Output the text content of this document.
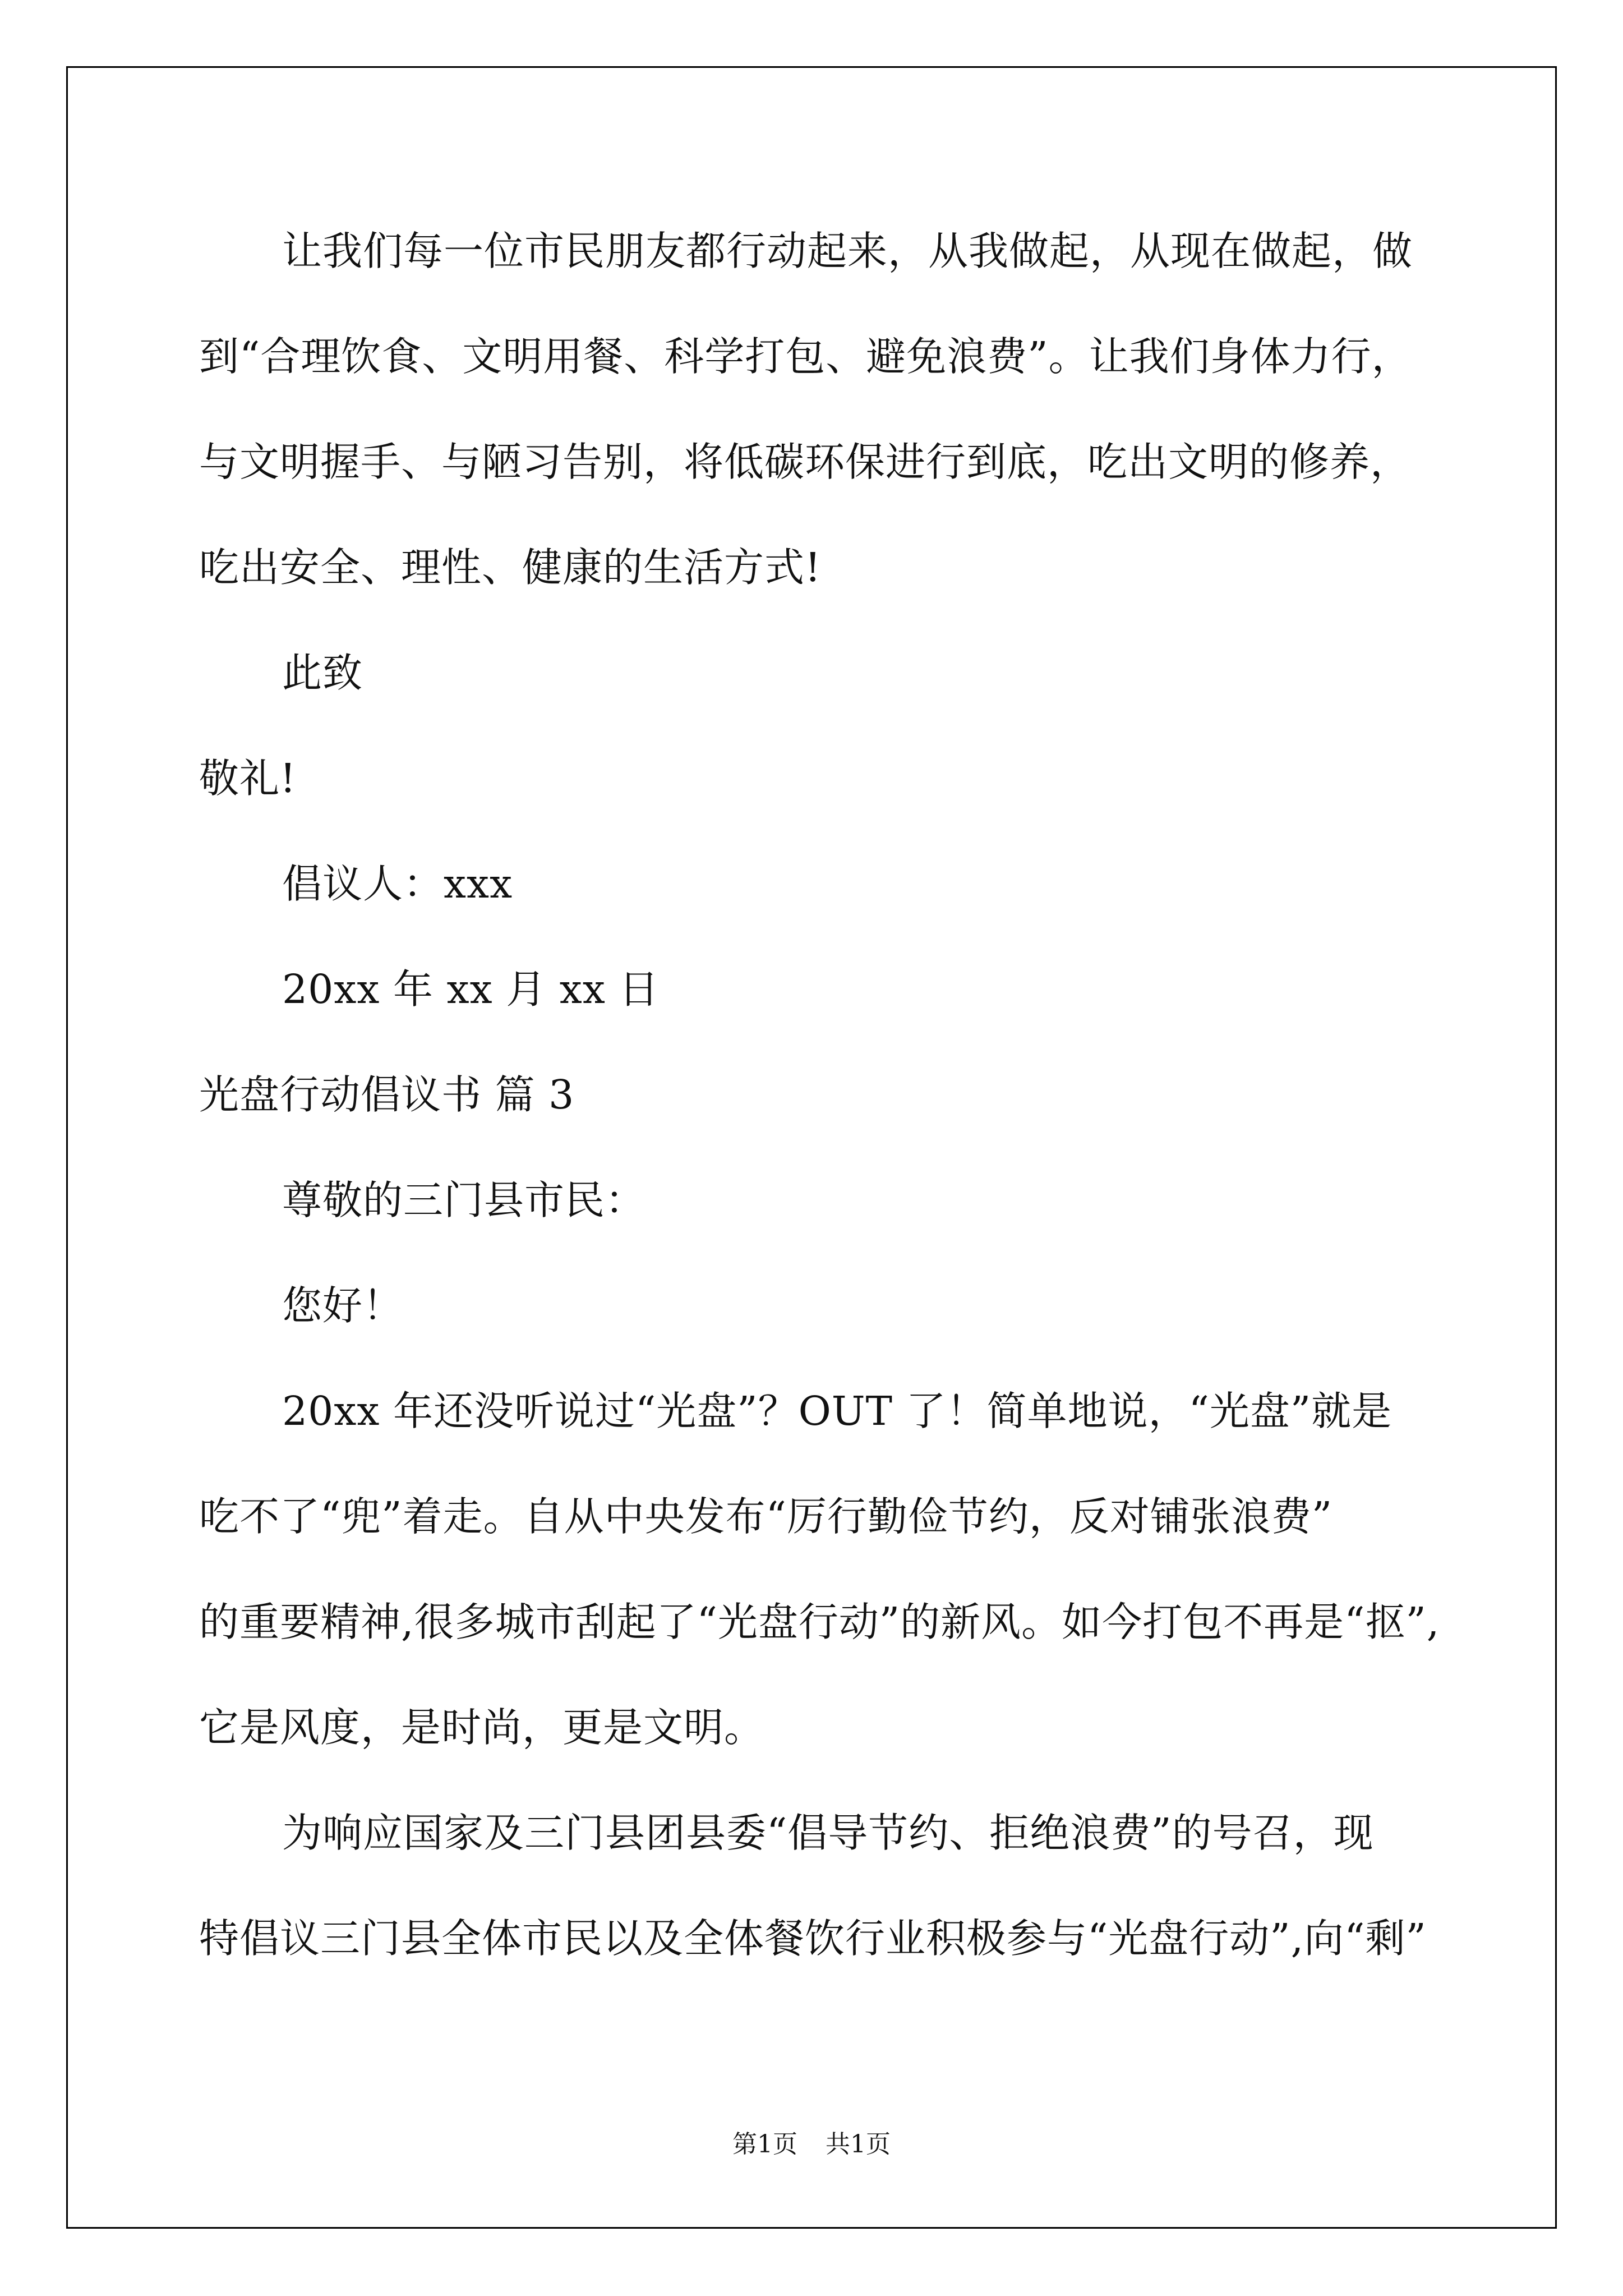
让我们每一位市民朋友都行动起来，从我做起，从现在做起，做
到“合理饮食、文明用餐、科学打包、避免浪费”。让我们身体力行，
与文明握手、与陋习告别，将低碳环保进行到底，吃出文明的修养，
吃出安全、理性、健康的生活方式!
此致
敬礼!
倡议人：xxx
20xx 年 xx 月 xx 日
光盘行动倡议书 篇 3
尊敬的三门县市民：
您好！
20xx 年还没听说过“光盘”？OUT 了！简单地说，“光盘”就是
吃不了“兜”着走。自从中央发布“厉行勤俭节约，反对铺张浪费”
的重要精神,很多城市刮起了“光盘行动”的新风。如今打包不再是“抠”,
它是风度，是时尚，更是文明。
为响应国家及三门县团县委“倡导节约、拒绝浪费”的号召，现
特倡议三门县全体市民以及全体餐饮行业积极参与“光盘行动”,向“剩”
第1页 共1页
